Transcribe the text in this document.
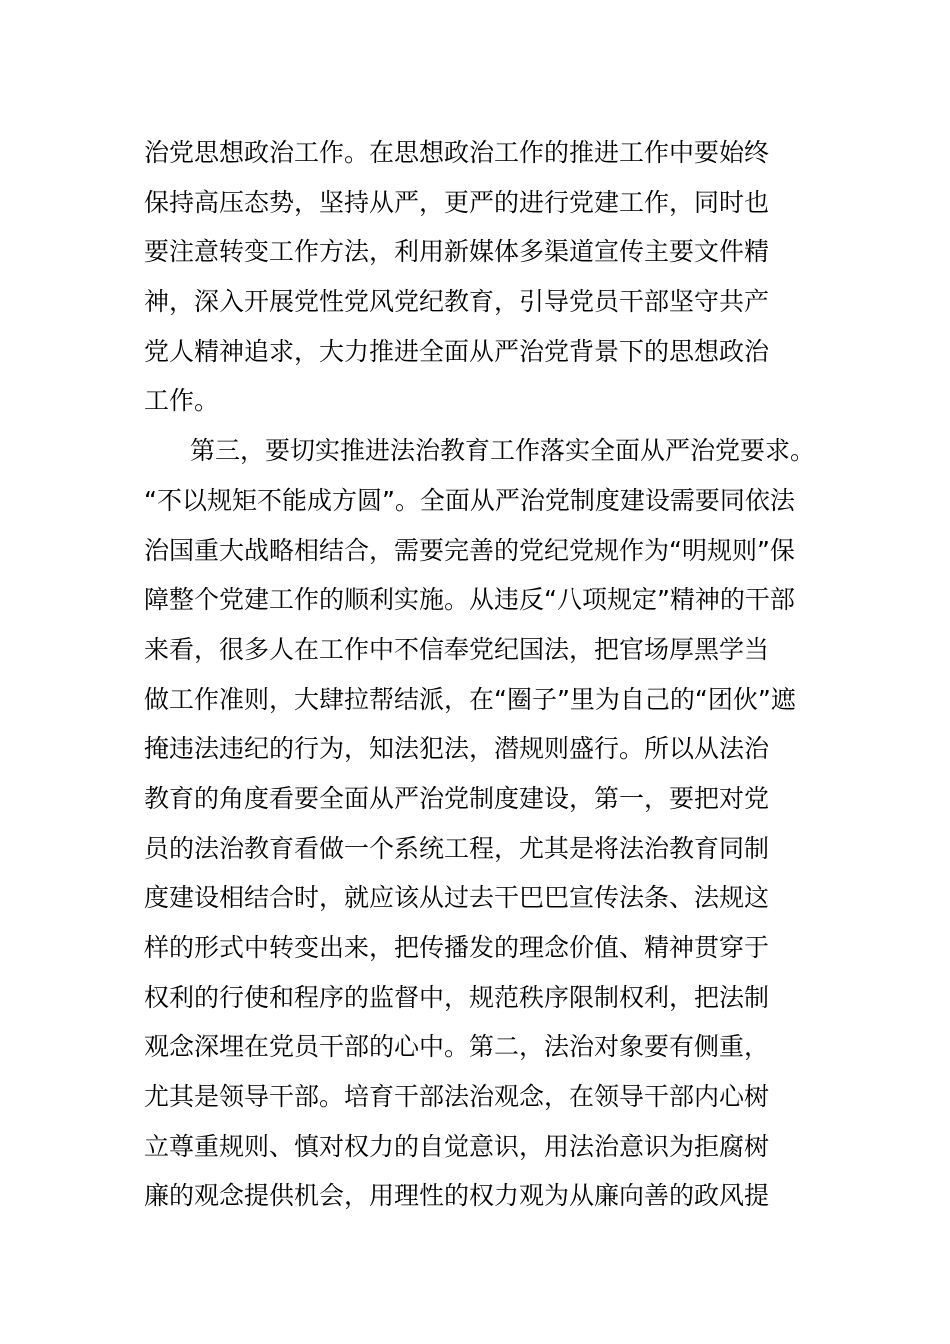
治党思想政治工作。在思想政治工作的推进工作中要始终
保持高压态势，坚持从严，更严的进行党建工作，同时也
要注意转变工作方法，利用新媒体多渠道宣传主要文件精
神，深入开展党性党风党纪教育，引导党员干部坚守共产
党人精神追求，大力推进全面从严治党背景下的思想政治
工作。
第三，要切实推进法治教育工作落实全面从严治党要求。
“不以规矩不能成方圆”。全面从严治党制度建设需要同依法
治国重大战略相结合，需要完善的党纪党规作为“明规则”保
障整个党建工作的顺利实施。从违反“八项规定”精神的干部
来看，很多人在工作中不信奉党纪国法，把官场厚黑学当
做工作准则，大肆拉帮结派，在“圈子”里为自己的“团伙”遮
掩违法违纪的行为，知法犯法，潜规则盛行。所以从法治
教育的角度看要全面从严治党制度建设，第一，要把对党
员的法治教育看做一个系统工程，尤其是将法治教育同制
度建设相结合时，就应该从过去干巴巴宣传法条、法规这
样的形式中转变出来，把传播发的理念价值、精神贯穿于
权利的行使和程序的监督中，规范秩序限制权利，把法制
观念深埋在党员干部的心中。第二，法治对象要有侧重，
尤其是领导干部。培育干部法治观念，在领导干部内心树
立尊重规则、慎对权力的自觉意识，用法治意识为拒腐树
廉的观念提供机会，用理性的权力观为从廉向善的政风提
